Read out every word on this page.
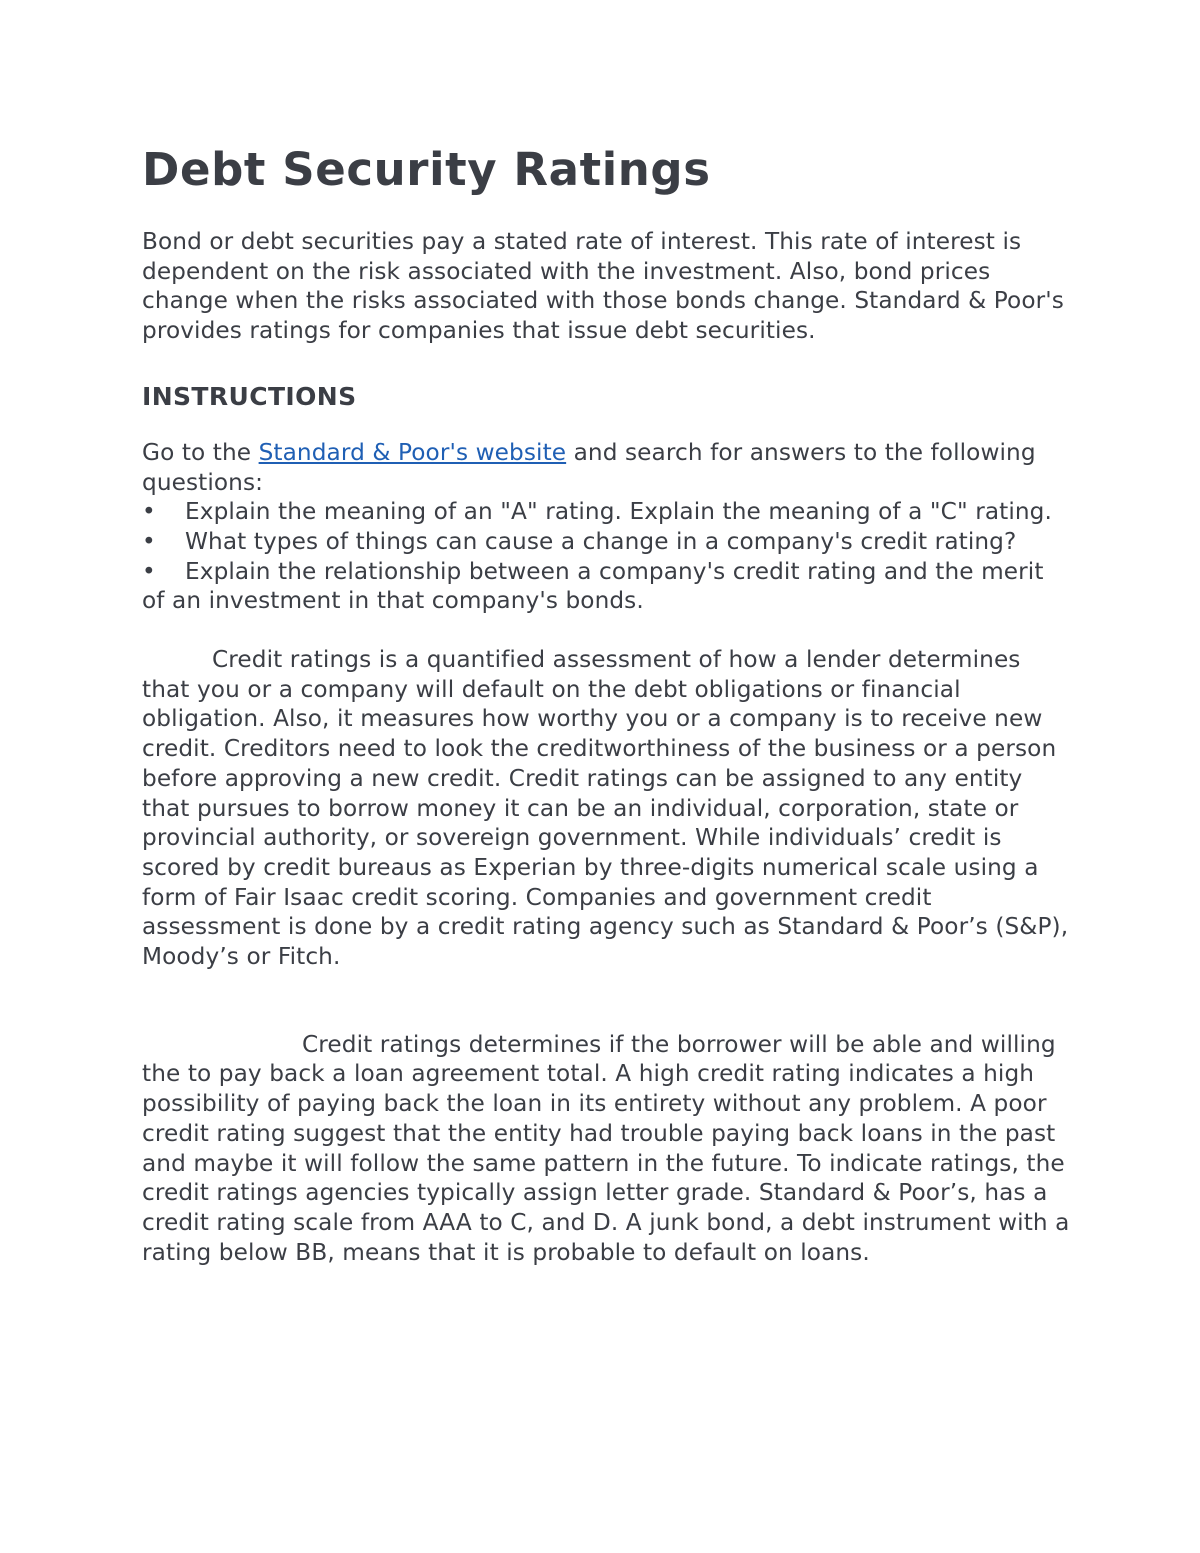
Debt Security Ratings

Bond or debt securities pay a stated rate of interest. This rate of interest is dependent on the risk associated with the investment. Also, bond prices change when the risks associated with those bonds change. Standard & Poor's provides ratings for companies that issue debt securities.

INSTRUCTIONS

Go to the Standard & Poor's website and search for answers to the following questions:

• Explain the meaning of an "A" rating. Explain the meaning of a "C" rating.
• What types of things can cause a change in a company's credit rating?
• Explain the relationship between a company's credit rating and the merit of an investment in that company's bonds.

Credit ratings is a quantified assessment of how a lender determines that you or a company will default on the debt obligations or financial obligation. Also, it measures how worthy you or a company is to receive new credit. Creditors need to look the creditworthiness of the business or a person before approving a new credit. Credit ratings can be assigned to any entity that pursues to borrow money it can be an individual, corporation, state or provincial authority, or sovereign government. While individuals’ credit is scored by credit bureaus as Experian by three-digits numerical scale using a form of Fair Isaac credit scoring. Companies and government credit assessment is done by a credit rating agency such as Standard & Poor’s (S&P), Moody’s or Fitch.

Credit ratings determines if the borrower will be able and willing the to pay back a loan agreement total. A high credit rating indicates a high possibility of paying back the loan in its entirety without any problem. A poor credit rating suggest that the entity had trouble paying back loans in the past and maybe it will follow the same pattern in the future. To indicate ratings, the credit ratings agencies typically assign letter grade. Standard & Poor’s, has a credit rating scale from AAA to C, and D. A junk bond, a debt instrument with a rating below BB, means that it is probable to default on loans.
